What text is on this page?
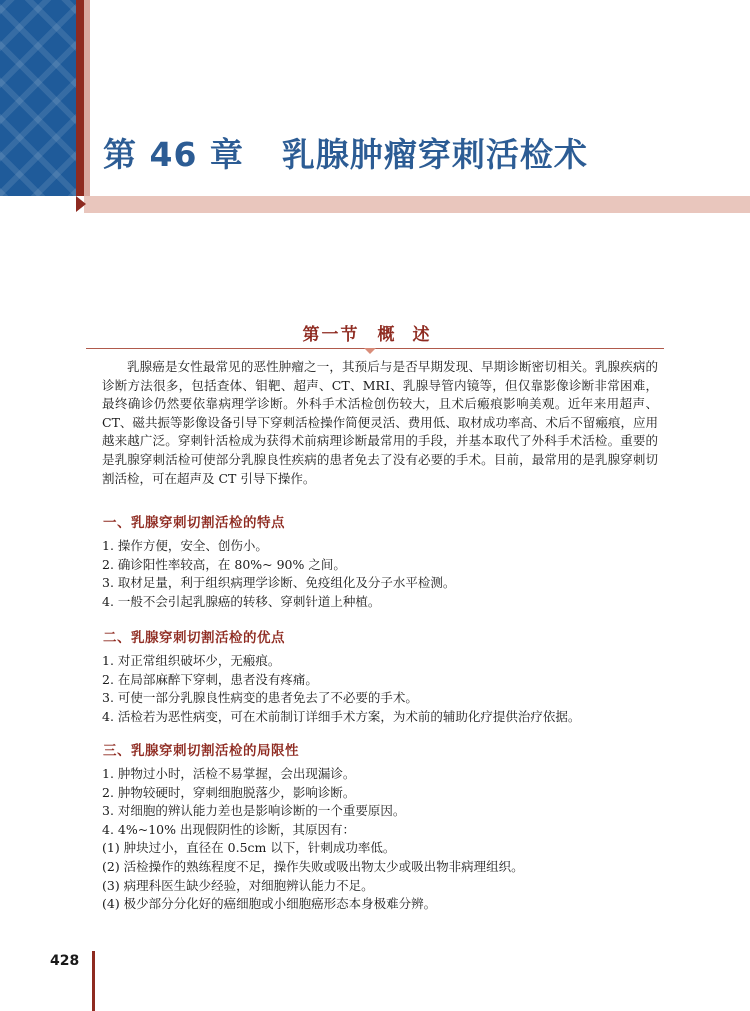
第 46 章 乳腺肿瘤穿刺活检术
第一节 概述

乳腺癌是女性最常见的恶性肿瘤之一，其预后与是否早期发现、早期诊断密切相关。乳腺疾病的诊断方法很多，包括查体、钼靶、超声、CT、MRI、乳腺导管内镜等，但仅靠影像诊断非常困难，最终确诊仍然要依靠病理学诊断。外科手术活检创伤较大，且术后瘢痕影响美观。近年来用超声、CT、磁共振等影像设备引导下穿刺活检操作简便灵活、费用低、取材成功率高、术后不留瘢痕，应用越来越广泛。穿刺针活检成为获得术前病理诊断最常用的手段，并基本取代了外科手术活检。重要的是乳腺穿刺活检可使部分乳腺良性疾病的患者免去了没有必要的手术。目前，最常用的是乳腺穿刺切割活检，可在超声及 CT 引导下操作。

一、乳腺穿刺切割活检的特点
1. 操作方便，安全、创伤小。
2. 确诊阳性率较高，在 80%~ 90% 之间。
3. 取材足量，利于组织病理学诊断、免疫组化及分子水平检测。
4. 一般不会引起乳腺癌的转移、穿刺针道上种植。
二、乳腺穿刺切割活检的优点
1. 对正常组织破坏少，无瘢痕。
2. 在局部麻醉下穿刺，患者没有疼痛。
3. 可使一部分乳腺良性病变的患者免去了不必要的手术。
4. 活检若为恶性病变，可在术前制订详细手术方案，为术前的辅助化疗提供治疗依据。
三、乳腺穿刺切割活检的局限性
1. 肿物过小时，活检不易掌握，会出现漏诊。
2. 肿物较硬时，穿刺细胞脱落少，影响诊断。
3. 对细胞的辨认能力差也是影响诊断的一个重要原因。
4. 4%~10% 出现假阴性的诊断，其原因有：
(1) 肿块过小，直径在 0.5cm 以下，针刺成功率低。
(2) 活检操作的熟练程度不足，操作失败或吸出物太少或吸出物非病理组织。
(3) 病理科医生缺少经验，对细胞辨认能力不足。
(4) 极少部分分化好的癌细胞或小细胞癌形态本身极难分辨。
428
